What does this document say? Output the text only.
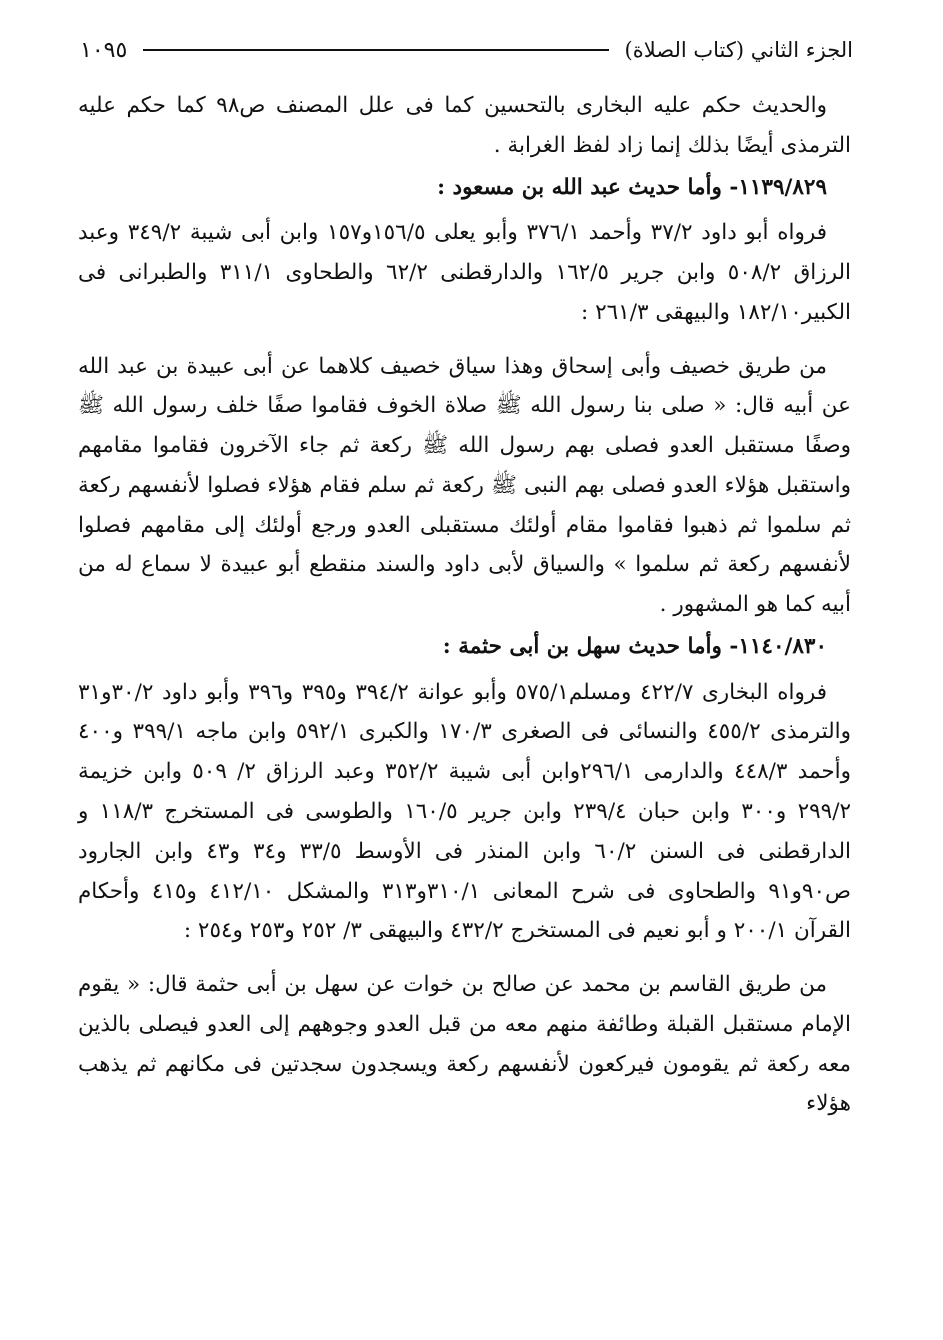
الجزء الثاني (كتاب الصلاة)
١٠٩٥

والحديث حكم عليه البخارى بالتحسين كما فى علل المصنف ص٩٨ كما حكم عليه الترمذى أيضًا بذلك إنما زاد لفظ الغرابة .

١١٣٩/٨٢٩- وأما حديث عبد الله بن مسعود :

فرواه أبو داود ٣٧/٢ وأحمد ٣٧٦/١ وأبو يعلى ١٥٦/٥و١٥٧ وابن أبى شيبة ٣٤٩/٢ وعبد الرزاق ٥٠٨/٢ وابن جرير ١٦٢/٥ والدارقطنى ٦٢/٢ والطحاوى ٣١١/١ والطبرانى فى الكبير١٨٢/١٠ والبيهقى ٢٦١/٣ :

من طريق خصيف وأبى إسحاق وهذا سياق خصيف كلاهما عن أبى عبيدة بن عبد الله عن أبيه قال: « صلى بنا رسول الله ﷺ صلاة الخوف فقاموا صفًا خلف رسول الله ﷺ وصفًا مستقبل العدو فصلى بهم رسول الله ﷺ ركعة ثم جاء الآخرون فقاموا مقامهم واستقبل هؤلاء العدو فصلى بهم النبى ﷺ ركعة ثم سلم فقام هؤلاء فصلوا لأنفسهم ركعة ثم سلموا ثم ذهبوا فقاموا مقام أولئك مستقبلى العدو ورجع أولئك إلى مقامهم فصلوا لأنفسهم ركعة ثم سلموا » والسياق لأبى داود والسند منقطع أبو عبيدة لا سماع له من أبيه كما هو المشهور .

١١٤٠/٨٣٠- وأما حديث سهل بن أبى حثمة :

فرواه البخارى ٤٢٢/٧ ومسلم٥٧٥/١ وأبو عوانة ٣٩٤/٢ و٣٩٥ و٣٩٦ وأبو داود ٣٠/٢و٣١ والترمذى ٤٥٥/٢ والنسائى فى الصغرى ١٧٠/٣ والكبرى ٥٩٢/١ وابن ماجه ٣٩٩/١ و٤٠٠ وأحمد ٤٤٨/٣ والدارمى ٢٩٦/١وابن أبى شيبة ٣٥٢/٢ وعبد الرزاق ٢/ ٥٠٩ وابن خزيمة ٢٩٩/٢ و٣٠٠ وابن حبان ٢٣٩/٤ وابن جرير ١٦٠/٥ والطوسى فى المستخرج ١١٨/٣ و الدارقطنى فى السنن ٦٠/٢ وابن المنذر فى الأوسط ٣٣/٥ و٣٤ و٤٣ وابن الجارود ص٩٠و٩١ والطحاوى فى شرح المعانى ٣١٠/١و٣١٣ والمشكل ٤١٢/١٠ و٤١٥ وأحكام القرآن ٢٠٠/١ و أبو نعيم فى المستخرج ٤٣٢/٢ والبيهقى ٣/ ٢٥٢ و٢٥٣ و٢٥٤ :

من طريق القاسم بن محمد عن صالح بن خوات عن سهل بن أبى حثمة قال: « يقوم الإمام مستقبل القبلة وطائفة منهم معه من قبل العدو وجوههم إلى العدو فيصلى بالذين معه ركعة ثم يقومون فيركعون لأنفسهم ركعة ويسجدون سجدتين فى مكانهم ثم يذهب هؤلاء
